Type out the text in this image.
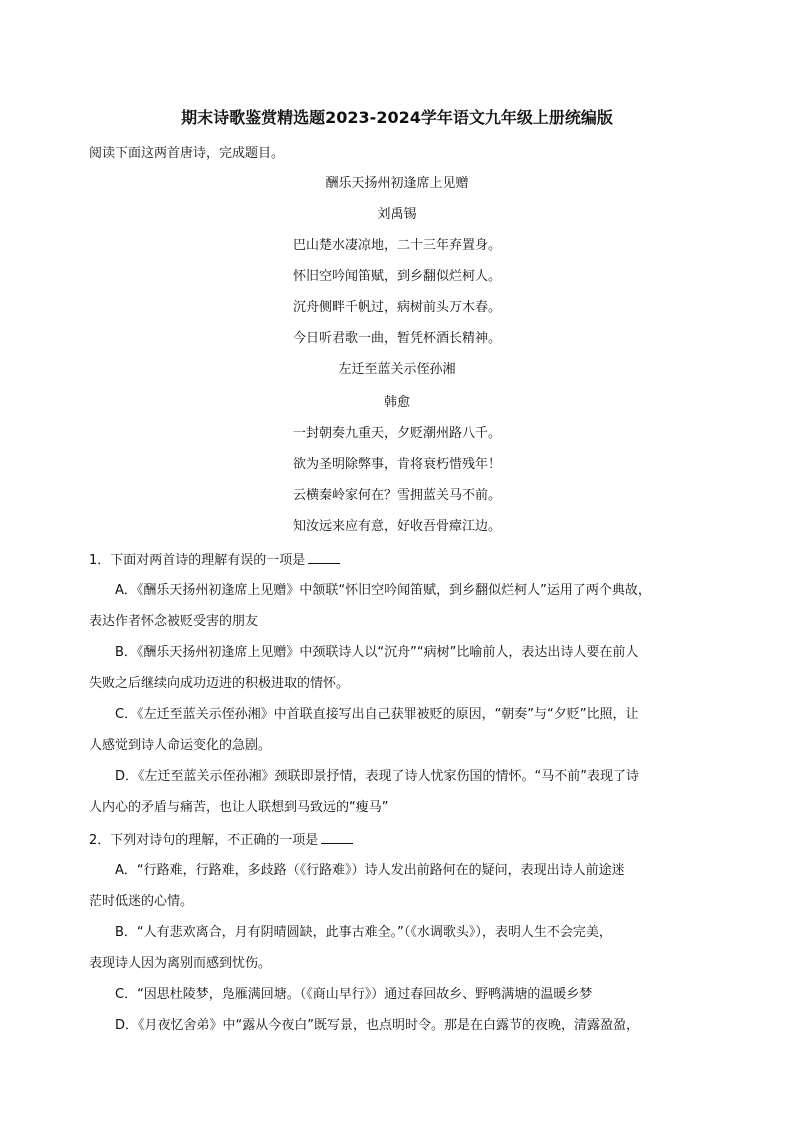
期末诗歌鉴赏精选题2023-2024学年语文九年级上册统编版
阅读下面这两首唐诗，完成题目。
酬乐天扬州初逢席上见赠
刘禹锡
巴山楚水凄凉地，二十三年弃置身。
怀旧空吟闻笛赋，到乡翻似烂柯人。
沉舟侧畔千帆过，病树前头万木春。
今日听君歌一曲，暂凭杯酒长精神。
左迁至蓝关示侄孙湘
韩愈
一封朝奏九重天，夕贬潮州路八千。
欲为圣明除弊事，肯将衰朽惜残年！
云横秦岭家何在？雪拥蓝关马不前。
知汝远来应有意，好收吾骨瘴江边。
1．下面对两首诗的理解有误的一项是
A．《酬乐天扬州初逢席上见赠》中颔联“怀旧空吟闻笛赋，到乡翻似烂柯人”运用了两个典故，
表达作者怀念被贬受害的朋友
B．《酬乐天扬州初逢席上见赠》中颈联诗人以“沉舟”“病树”比喻前人，表达出诗人要在前人
失败之后继续向成功迈进的积极进取的情怀。
C．《左迁至蓝关示侄孙湘》中首联直接写出自己获罪被贬的原因，“朝奏”与“夕贬”比照，让
人感觉到诗人命运变化的急剧。
D．《左迁至蓝关示侄孙湘》颈联即景抒情，表现了诗人忧家伤国的情怀。“马不前”表现了诗
人内心的矛盾与痛苦，也让人联想到马致远的“瘦马”
2．下列对诗句的理解，不正确的一项是
A．“行路难，行路难，多歧路（《行路难》）诗人发出前路何在的疑问，表现出诗人前途迷
茫时低迷的心情。
B．“人有悲欢离合，月有阴晴圆缺，此事古难全。”（《水调歌头》），表明人生不会完美，
表现诗人因为离别而感到忧伤。
C．“因思杜陵梦，凫雁满回塘。（《商山早行》）通过春回故乡、野鸭满塘的温暖乡梦
D．《月夜忆舍弟》中“露从今夜白”既写景，也点明时令。那是在白露节的夜晚，清露盈盈，
